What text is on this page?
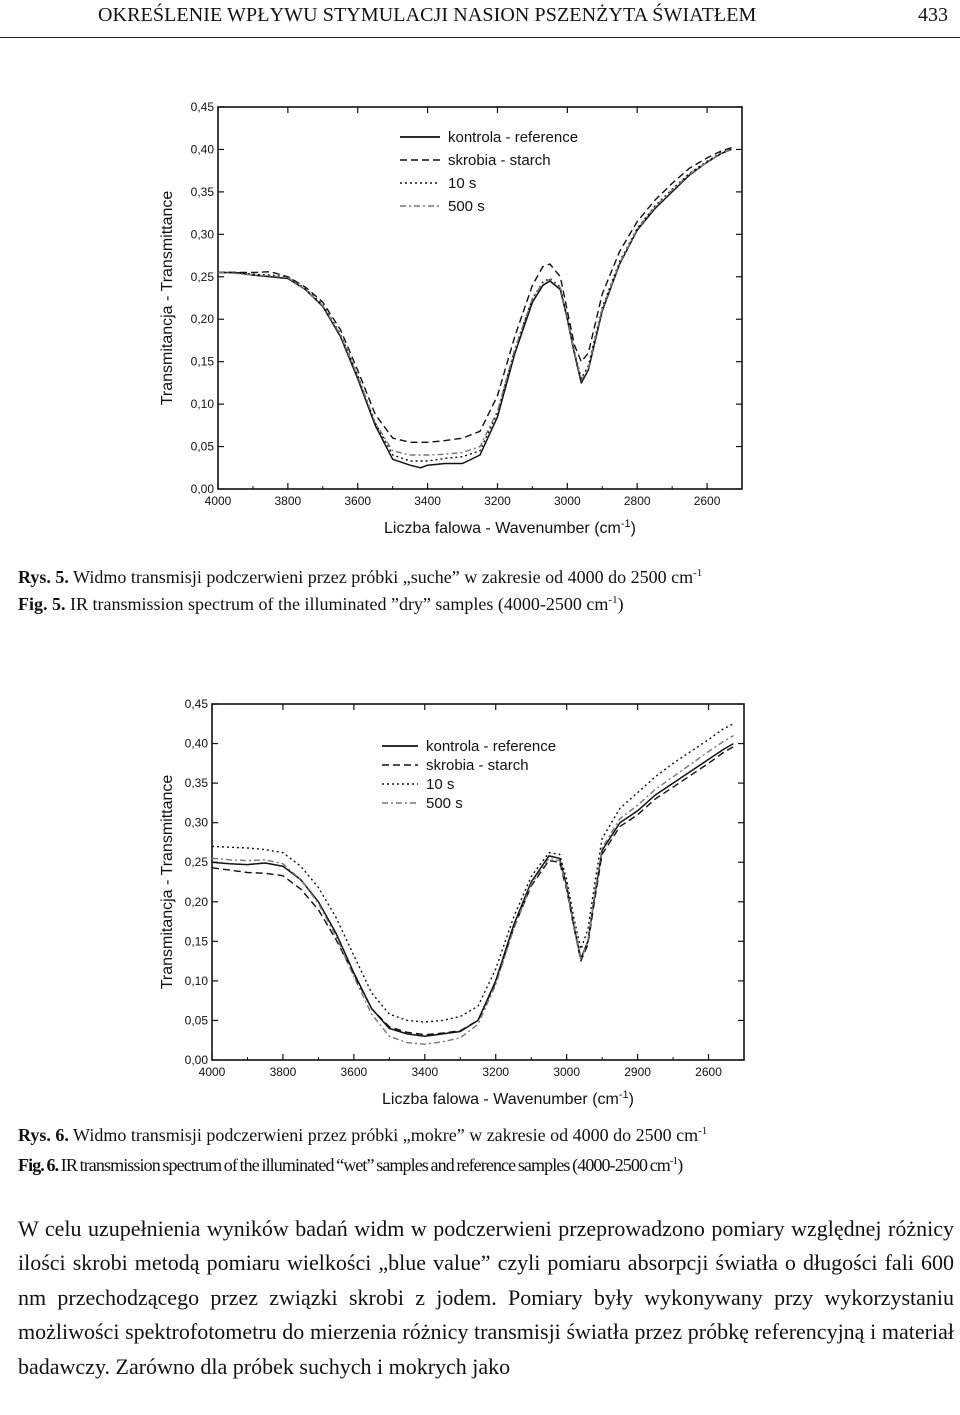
OKREŚLENIE WPŁYWU STYMULACJI NASION PSZENŻYTA ŚWIATŁEM	433
0,00
0,05
0,10
0,15
0,20
0,25
0,30
0,35
0,40
0,45
4000	3800	3600	3400	3200	3000	2800	2600
Liczba falowa - Wavenumber $(cm^{-1})$
Transmitancja - Transmittance
kontrola - reference
skrobia - starch
10 s
500 s
Rys. 5. Widmo transmisji podczerwieni przez próbki „suche” w zakresie od 4000 do 2500 $cm^{-1}$
Fig. 5. IR transmission spectrum of the illuminated ”dry” samples (4000-2500 $cm^{-1}$)
0,00
0,05
0,10
0,15
0,20
0,25
0,30
0,35
0,40
0,45
4000	3800	3600	3400	3200	3000	2900	2600
Liczba falowa - Wavenumber $(cm^{-1})$
Transmitancja - Transmittance
kontrola - reference
skrobia - starch
10 s
500 s
Rys. 6. Widmo transmisji podczerwieni przez próbki „mokre” w zakresie od 4000 do 2500 $cm^{-1}$
Fig. 6. IR transmission spectrum of the illuminated “wet” samples and reference samples (4000-2500 $cm^{-1}$)
W celu uzupełnienia wyników badań widm w podczerwieni przeprowadzono pomiary względnej różnicy ilości skrobi metodą pomiaru wielkości „blue value” czyli pomiaru absorpcji światła o długości fali 600 nm przechodzącego przez związki skrobi z jodem. Pomiary były wykonywany przy wykorzystaniu możliwości spektrofotometru do mierzenia różnicy transmisji światła przez próbkę referencyjną i materiał badawczy. Zarówno dla próbek suchych i mokrych jako
